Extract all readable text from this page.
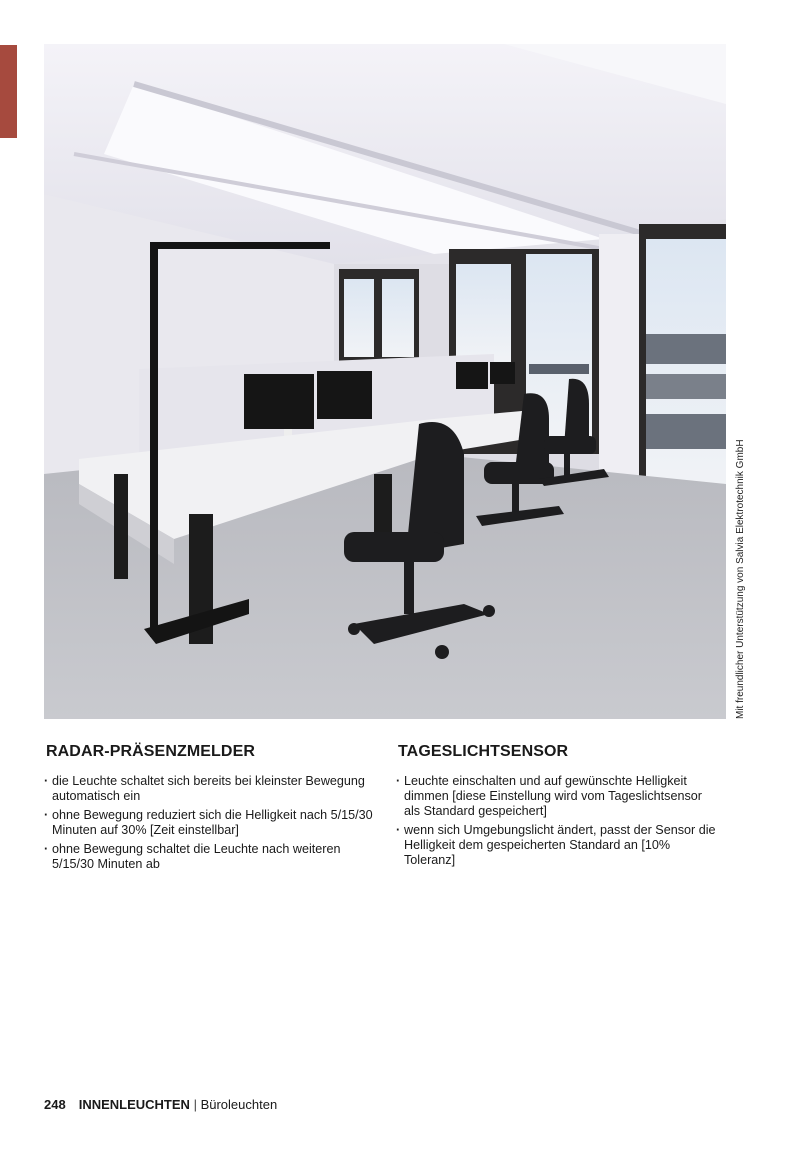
Mit freundlicher Unterstützung von Salvia Elektrotechnik GmbH
RADAR-PRÄSENZMELDER
· die Leuchte schaltet sich bereits bei kleinster Bewegung automatisch ein
· ohne Bewegung reduziert sich die Helligkeit nach 5/15/30 Minuten auf 30% [Zeit einstellbar]
· ohne Bewegung schaltet die Leuchte nach weiteren 5/15/30 Minuten ab
TAGESLICHTSENSOR
· Leuchte einschalten und auf gewünschte Helligkeit dimmen [diese Einstellung wird vom Tageslichtsensor als Standard gespeichert]
· wenn sich Umgebungslicht ändert, passt der Sensor die Helligkeit dem gespeicherten Standard an [10% Toleranz]
248 INNENLEUCHTEN | Büroleuchten
